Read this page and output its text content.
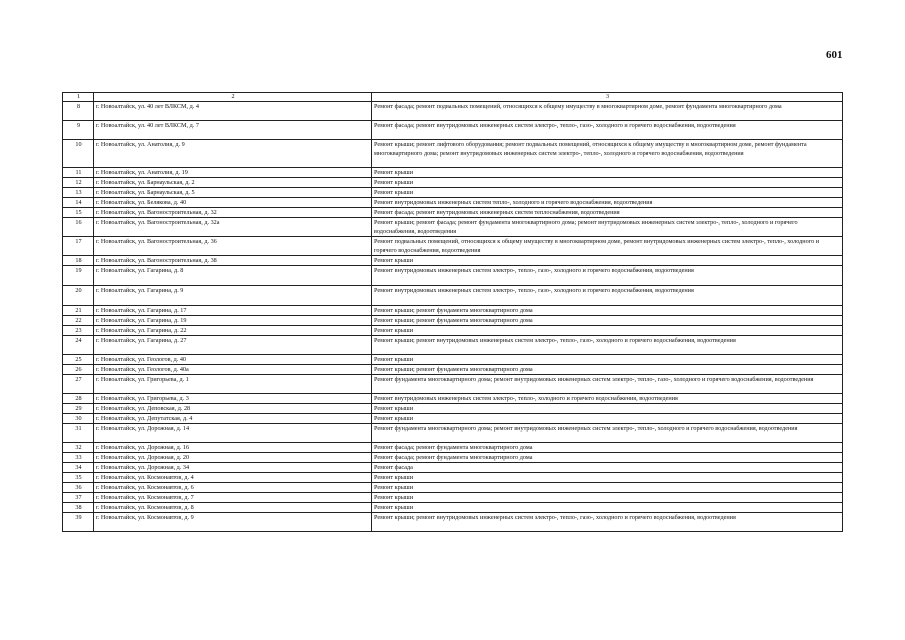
601
1	2	3
8	г. Новоалтайск, ул. 40 лет ВЛКСМ, д. 4	Ремонт фасада; ремонт подвальных помещений, относящихся к общему имуществу в многоквартирном доме, ремонт фундамента многоквартирного дома
9	г. Новоалтайск, ул. 40 лет ВЛКСМ, д. 7	Ремонт фасада; ремонт внутридомовых инженерных систем электро-, тепло-, газо-, холодного и горячего водоснабжения, водоотведения
10	г. Новоалтайск, ул. Анатолия, д. 9	Ремонт крыши; ремонт лифтового оборудования; ремонт подвальных помещений, относящихся к общему имуществу в многоквартирном доме, ремонт фундамента многоквартирного дома; ремонт внутридомовых инженерных систем электро-, тепло-, холодного и горячего водоснабжения, водоотведения
11	г. Новоалтайск, ул. Анатолия, д. 19	Ремонт крыши
12	г. Новоалтайск, ул. Барнаульская, д. 2	Ремонт крыши
13	г. Новоалтайск, ул. Барнаульская, д. 5	Ремонт крыши
14	г. Новоалтайск, ул. Белякова, д. 40	Ремонт внутридомовых инженерных систем тепло-, холодного и горячего водоснабжения, водоотведения
15	г. Новоалтайск, ул. Вагоностроительная, д. 32	Ремонт фасада; ремонт внутридомовых инженерных систем теплоснабжения, водоотведения
16	г. Новоалтайск, ул. Вагоностроительная, д. 32а	Ремонт крыши; ремонт фасада; ремонт фундамента многоквартирного дома; ремонт внутридомовых инженерных систем электро-, тепло-, холодного и горячего водоснабжения, водоотведения
17	г. Новоалтайск, ул. Вагоностроительная, д. 36	Ремонт подвальных помещений, относящихся к общему имуществу в многоквартирном доме, ремонт внутридомовых инженерных систем электро-, тепло-, холодного и горячего водоснабжения, водоотведения
18	г. Новоалтайск, ул. Вагоностроительная, д. 38	Ремонт крыши
19	г. Новоалтайск, ул. Гагарина, д. 8	Ремонт внутридомовых инженерных систем электро-, тепло-, газо-, холодного и горячего водоснабжения, водоотведения
20	г. Новоалтайск, ул. Гагарина, д. 9	Ремонт внутридомовых инженерных систем электро-, тепло-, газо-, холодного и горячего водоснабжения, водоотведения
21	г. Новоалтайск, ул. Гагарина, д. 17	Ремонт крыши; ремонт фундамента многоквартирного дома
22	г. Новоалтайск, ул. Гагарина, д. 19	Ремонт крыши; ремонт фундамента многоквартирного дома
23	г. Новоалтайск, ул. Гагарина, д. 22	Ремонт крыши
24	г. Новоалтайск, ул. Гагарина, д. 27	Ремонт крыши; ремонт внутридомовых инженерных систем электро-, тепло-, газо-, холодного и горячего водоснабжения, водоотведения
25	г. Новоалтайск, ул. Геологов, д. 40	Ремонт крыши
26	г. Новоалтайск, ул. Геологов, д. 40а	Ремонт крыши; ремонт фундамента многоквартирного дома
27	г. Новоалтайск, ул. Григорьева, д. 1	Ремонт фундамента многоквартирного дома; ремонт внутридомовых инженерных систем электро-, тепло-, газо-, холодного и горячего водоснабжения, водоотведения
28	г. Новоалтайск, ул. Григорьева, д. 3	Ремонт внутридомовых инженерных систем электро-, тепло-, холодного и горячего водоснабжения, водоотведения
29	г. Новоалтайск, ул. Деповская, д. 28	Ремонт крыши
30	г. Новоалтайск, ул. Депутатская, д. 4	Ремонт крыши
31	г. Новоалтайск, ул. Дорожная, д. 14	Ремонт фундамента многоквартирного дома; ремонт внутридомовых инженерных систем электро-, тепло-, холодного и горячего водоснабжения, водоотведения
32	г. Новоалтайск, ул. Дорожная, д. 16	Ремонт фасада; ремонт фундамента многоквартирного дома
33	г. Новоалтайск, ул. Дорожная, д. 20	Ремонт фасада; ремонт фундамента многоквартирного дома
34	г. Новоалтайск, ул. Дорожная, д. 34	Ремонт фасада
35	г. Новоалтайск, ул. Космонавтов, д. 4	Ремонт крыши
36	г. Новоалтайск, ул. Космонавтов, д. 6	Ремонт крыши
37	г. Новоалтайск, ул. Космонавтов, д. 7	Ремонт крыши
38	г. Новоалтайск, ул. Космонавтов, д. 8	Ремонт крыши
39	г. Новоалтайск, ул. Космонавтов, д. 9	Ремонт крыши; ремонт внутридомовых инженерных систем электро-, тепло-, газо-, холодного и горячего водоснабжения, водоотведения
